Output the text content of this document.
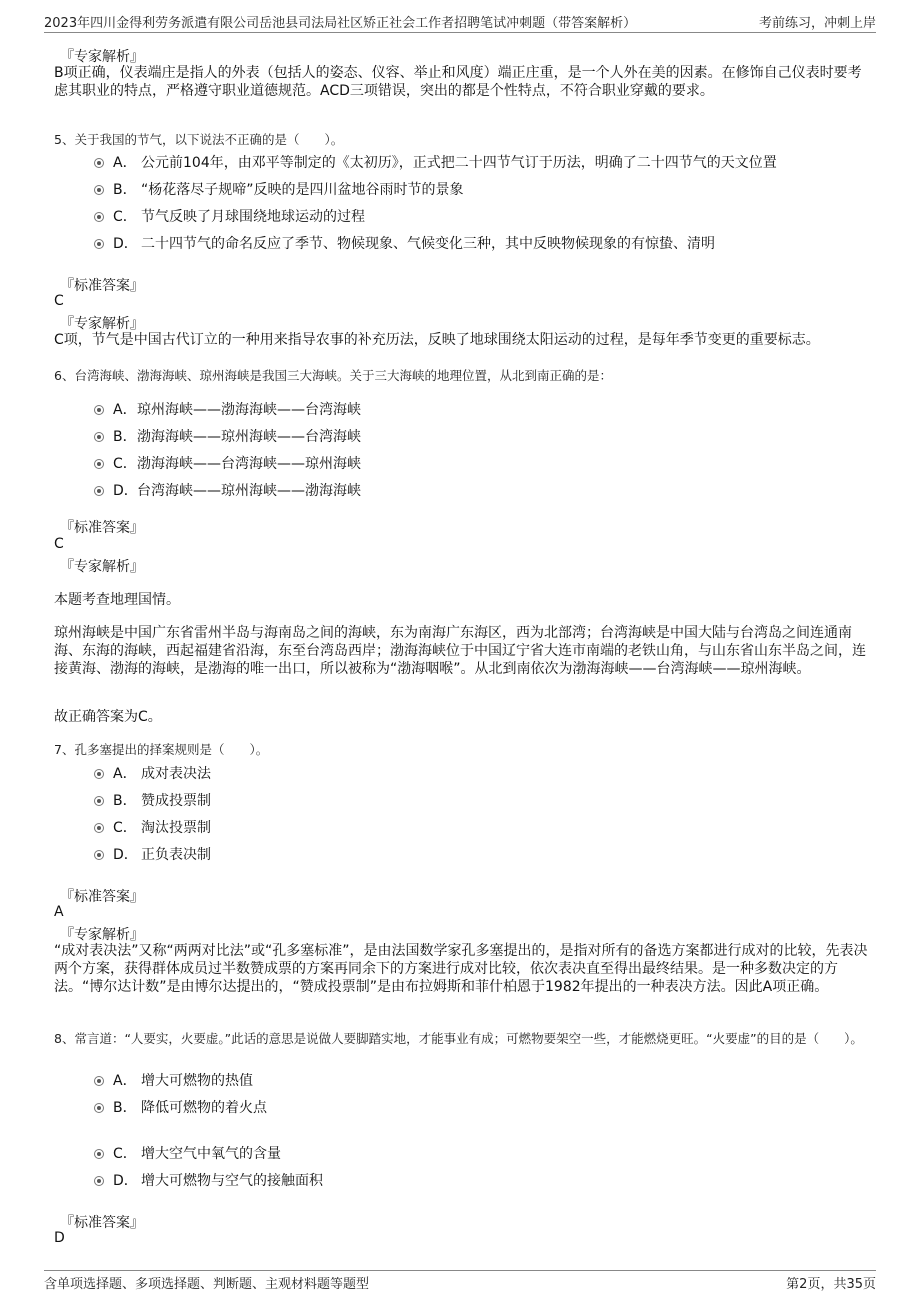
2023年四川金得利劳务派遣有限公司岳池县司法局社区矫正社会工作者招聘笔试冲刺题（带答案解析）	考前练习，冲刺上岸
『专家解析』
B项正确，仪表端庄是指人的外表（包括人的姿态、仪容、举止和风度）端正庄重，是一个人外在美的因素。在修饰自己仪表时要考虑其职业的特点，严格遵守职业道德规范。ACD三项错误，突出的都是个性特点，不符合职业穿戴的要求。
5、关于我国的节气，以下说法不正确的是（　　）。
A． 公元前104年，由邓平等制定的《太初历》，正式把二十四节气订于历法，明确了二十四节气的天文位置
B． “杨花落尽子规啼”反映的是四川盆地谷雨时节的景象
C． 节气反映了月球围绕地球运动的过程
D． 二十四节气的命名反应了季节、物候现象、气候变化三种，其中反映物候现象的有惊蛰、清明
『标准答案』
C
『专家解析』
C项，节气是中国古代订立的一种用来指导农事的补充历法，反映了地球围绕太阳运动的过程，是每年季节变更的重要标志。
6、台湾海峡、渤海海峡、琼州海峡是我国三大海峡。关于三大海峡的地理位置，从北到南正确的是：
A．琼州海峡——渤海海峡——台湾海峡
B．渤海海峡——琼州海峡——台湾海峡
C．渤海海峡——台湾海峡——琼州海峡
D．台湾海峡——琼州海峡——渤海海峡
『标准答案』
C
『专家解析』
本题考查地理国情。
琼州海峡是中国广东省雷州半岛与海南岛之间的海峡，东为南海广东海区，西为北部湾；台湾海峡是中国大陆与台湾岛之间连通南海、东海的海峡，西起福建省沿海，东至台湾岛西岸；渤海海峡位于中国辽宁省大连市南端的老铁山角，与山东省山东半岛之间，连接黄海、渤海的海峡，是渤海的唯一出口，所以被称为“渤海咽喉”。从北到南依次为渤海海峡——台湾海峡——琼州海峡。
故正确答案为C。
7、孔多塞提出的择案规则是（　　）。
A． 成对表决法
B． 赞成投票制
C． 淘汰投票制
D． 正负表决制
『标准答案』
A
『专家解析』
“成对表决法”又称“两两对比法”或“孔多塞标准”，是由法国数学家孔多塞提出的，是指对所有的备选方案都进行成对的比较，先表决两个方案，获得群体成员过半数赞成票的方案再同余下的方案进行成对比较，依次表决直至得出最终结果。是一种多数决定的方法。“博尔达计数”是由博尔达提出的，“赞成投票制”是由布拉姆斯和菲什柏恩于1982年提出的一种表决方法。因此A项正确。
8、常言道：“人要实，火要虚。”此话的意思是说做人要脚踏实地，才能事业有成；可燃物要架空一些，才能燃烧更旺。“火要虚”的目的是（　　）。
A． 增大可燃物的热值
B． 降低可燃物的着火点
C． 增大空气中氧气的含量
D． 增大可燃物与空气的接触面积
『标准答案』
D
含单项选择题、多项选择题、判断题、主观材料题等题型	第2页，共35页
